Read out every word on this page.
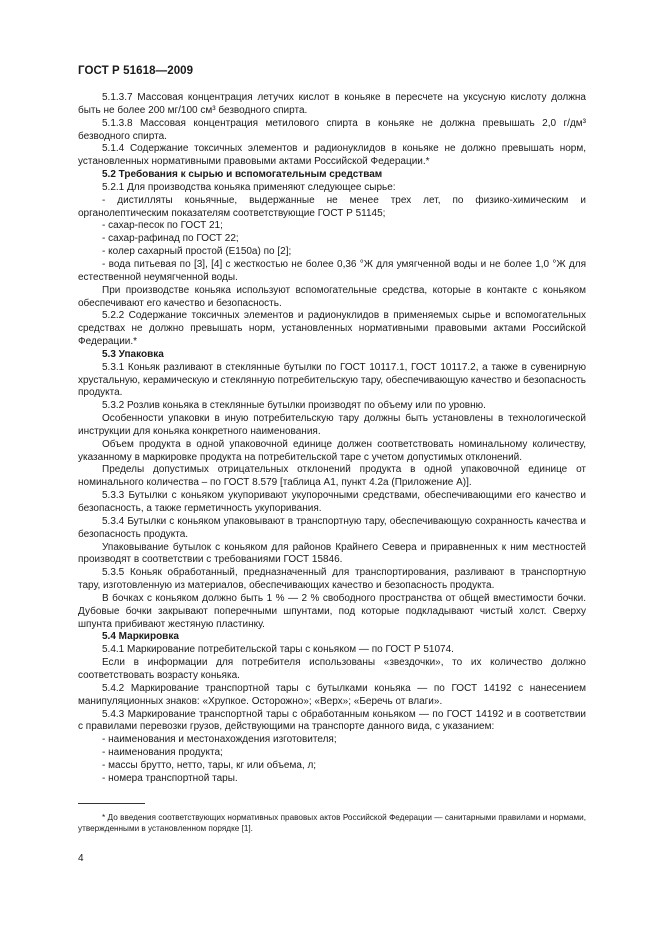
ГОСТ Р 51618—2009

5.1.3.7 Массовая концентрация летучих кислот в коньяке в пересчете на уксусную кислоту должна быть не более 200 мг/100 см³ безводного спирта.

5.1.3.8 Массовая концентрация метилового спирта в коньяке не должна превышать 2,0 г/дм³ безводного спирта.

5.1.4 Содержание токсичных элементов и радионуклидов в коньяке не должно превышать норм, установленных нормативными правовыми актами Российской Федерации.*

5.2 Требования к сырью и вспомогательным средствам

5.2.1 Для производства коньяка применяют следующее сырье:

- дистилляты коньячные, выдержанные не менее трех лет, по физико-химическим и органолептическим показателям соответствующие ГОСТ Р 51145;

- сахар-песок по ГОСТ 21;

- сахар-рафинад по ГОСТ 22;

- колер сахарный простой (Е150а) по [2];

- вода питьевая по [3], [4] с жесткостью не более 0,36 °Ж для умягченной воды и не более 1,0 °Ж для естественной неумягченной воды.

При производстве коньяка используют вспомогательные средства, которые в контакте с коньяком обеспечивают его качество и безопасность.

5.2.2 Содержание токсичных элементов и радионуклидов в применяемых сырье и вспомогательных средствах не должно превышать норм, установленных нормативными правовыми актами Российской Федерации.*

5.3 Упаковка

5.3.1 Коньяк разливают в стеклянные бутылки по ГОСТ 10117.1, ГОСТ 10117.2, а также в сувенирную хрустальную, керамическую и стеклянную потребительскую тару, обеспечивающую качество и безопасность продукта.

5.3.2 Розлив коньяка в стеклянные бутылки производят по объему или по уровню.

Особенности упаковки в иную потребительскую тару должны быть установлены в технологической инструкции для коньяка конкретного наименования.

Объем продукта в одной упаковочной единице должен соответствовать номинальному количеству, указанному в маркировке продукта на потребительской таре с учетом допустимых отклонений.

Пределы допустимых отрицательных отклонений продукта в одной упаковочной единице от номинального количества – по ГОСТ 8.579 [таблица А1, пункт 4.2а (Приложение А)].

5.3.3 Бутылки с коньяком укупоривают укупорочными средствами, обеспечивающими его качество и безопасность, а также герметичность укупоривания.

5.3.4 Бутылки с коньяком упаковывают в транспортную тару, обеспечивающую сохранность качества и безопасность продукта.

Упаковывание бутылок с коньяком для районов Крайнего Севера и приравненных к ним местностей производят в соответствии с требованиями ГОСТ 15846.

5.3.5 Коньяк обработанный, предназначенный для транспортирования, разливают в транспортную тару, изготовленную из материалов, обеспечивающих качество и безопасность продукта.

В бочках с коньяком должно быть 1 % — 2 % свободного пространства от общей вместимости бочки. Дубовые бочки закрывают поперечными шпунтами, под которые подкладывают чистый холст. Сверху шпунта прибивают жестяную пластинку.

5.4 Маркировка

5.4.1 Маркирование потребительской тары с коньяком — по ГОСТ Р 51074.

Если в информации для потребителя использованы «звездочки», то их количество должно соответствовать возрасту коньяка.

5.4.2 Маркирование транспортной тары с бутылками коньяка — по ГОСТ 14192 с нанесением манипуляционных знаков: «Хрупкое. Осторожно»; «Верх»; «Беречь от влаги».

5.4.3 Маркирование транспортной тары с обработанным коньяком — по ГОСТ 14192 и в соответствии с правилами перевозки грузов, действующими на транспорте данного вида, с указанием:

- наименования и местонахождения изготовителя;

- наименования продукта;

- массы брутто, нетто, тары, кг или объема, л;

- номера транспортной тары.

* До введения соответствующих нормативных правовых актов Российской Федерации — санитарными правилами и нормами, утвержденными в установленном порядке [1].
4
